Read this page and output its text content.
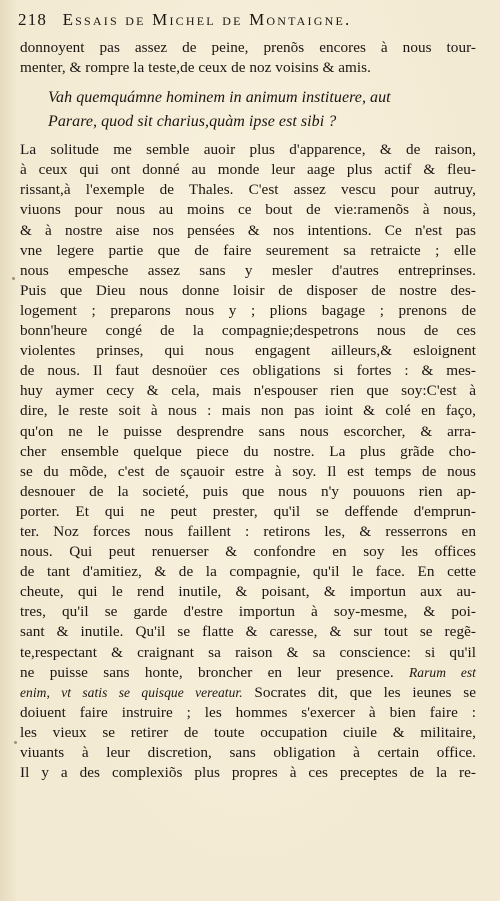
218 Essais de Michel de Montaigne.
donnoyent pas assez de peine, prenõs encores à nous tour-
menter, & rompre la teste,de ceux de noz voisins & amis.
Vah quemquámne hominem in animum instituere, aut
Parare, quod sit charius,quàm ipse est sibi ?
La solitude me semble auoir plus d'apparence, & de raison,
à ceux qui ont donné au monde leur aage plus actif & fleu-
rissant,à l'exemple de Thales. C'est assez vescu pour autruy,
viuons pour nous au moins ce bout de vie:ramenõs à nous,
& à nostre aise nos pensées & nos intentions. Ce n'est pas
vne legere partie que de faire seurement sa retraicte ; elle
nous empesche assez sans y mesler d'autres entreprinses.
Puis que Dieu nous donne loisir de disposer de nostre des-
logement ; preparons nous y ; plions bagage ; prenons de
bonn'heure congé de la compagnie;despetrons nous de ces
violentes prinses, qui nous engagent ailleurs,& esloignent
de nous. Il faut desnoüer ces obligations si fortes : & mes-
huy aymer cecy & cela, mais n'espouser rien que soy:C'est à
dire, le reste soit à nous : mais non pas ioint & colé en faço,
qu'on ne le puisse desprendre sans nous escorcher, & arra-
cher ensemble quelque piece du nostre. La plus grãde cho-
se du mõde, c'est de sçauoir estre à soy. Il est temps de nous
desnouer de la societé, puis que nous n'y pouuons rien ap-
porter. Et qui ne peut prester, qu'il se deffende d'emprun-
ter. Noz forces nous faillent : retirons les, & resserrons en
nous. Qui peut renuerser & confondre en soy les offices
de tant d'amitiez, & de la compagnie, qu'il le face. En cette
cheute, qui le rend inutile, & poisant, & importun aux au-
tres, qu'il se garde d'estre importun à soy-mesme, & poi-
sant & inutile. Qu'il se flatte & caresse, & sur tout se regẽ-
te,respectant & craignant sa raison & sa conscience: si qu'il
ne puisse sans honte, broncher en leur presence. Rarum est
enim, vt satis se quisque vereatur. Socrates dit, que les ieunes se
doiuent faire instruire ; les hommes s'exercer à bien faire :
les vieux se retirer de toute occupation ciuile & militaire,
viuants à leur discretion, sans obligation à certain office.
Il y a des complexiõs plus propres à ces preceptes de la re-
